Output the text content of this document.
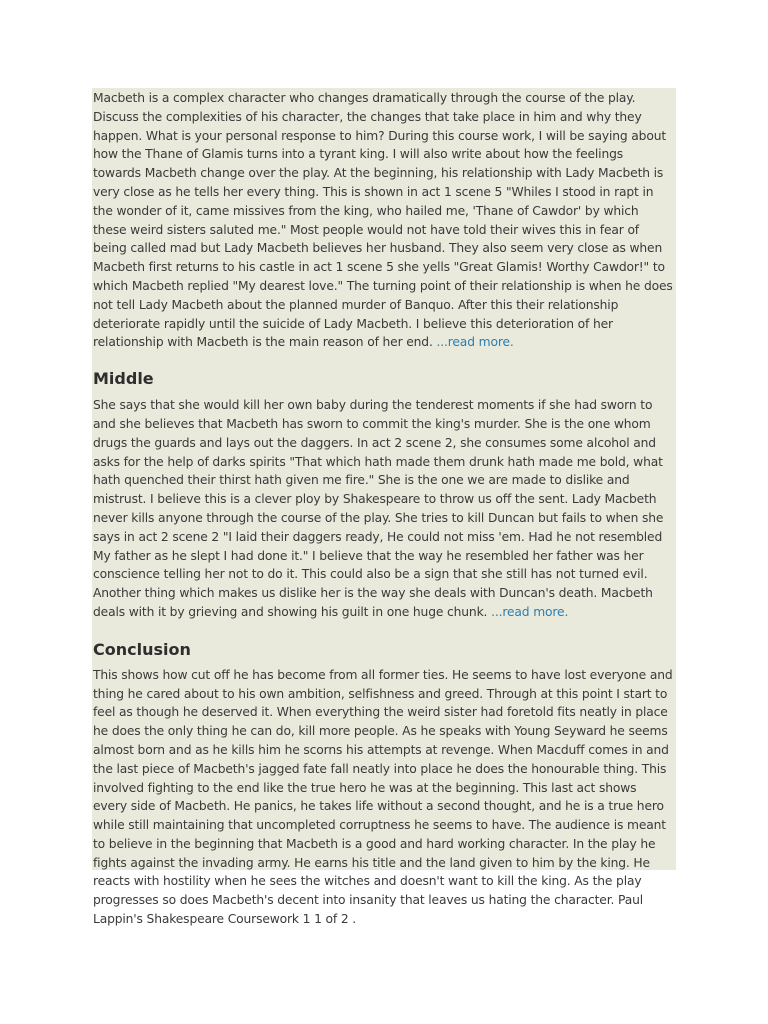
Macbeth is a complex character who changes dramatically through the course of the play. Discuss the complexities of his character, the changes that take place in him and why they happen. What is your personal response to him? During this course work, I will be saying about how the Thane of Glamis turns into a tyrant king. I will also write about how the feelings towards Macbeth change over the play. At the beginning, his relationship with Lady Macbeth is very close as he tells her every thing. This is shown in act 1 scene 5 "Whiles I stood in rapt in the wonder of it, came missives from the king, who hailed me, 'Thane of Cawdor' by which these weird sisters saluted me." Most people would not have told their wives this in fear of being called mad but Lady Macbeth believes her husband. They also seem very close as when Macbeth first returns to his castle in act 1 scene 5 she yells "Great Glamis! Worthy Cawdor!" to which Macbeth replied "My dearest love." The turning point of their relationship is when he does not tell Lady Macbeth about the planned murder of Banquo. After this their relationship deteriorate rapidly until the suicide of Lady Macbeth. I believe this deterioration of her relationship with Macbeth is the main reason of her end. ...read more.

Middle

She says that she would kill her own baby during the tenderest moments if she had sworn to and she believes that Macbeth has sworn to commit the king's murder. She is the one whom drugs the guards and lays out the daggers. In act 2 scene 2, she consumes some alcohol and asks for the help of darks spirits "That which hath made them drunk hath made me bold, what hath quenched their thirst hath given me fire." She is the one we are made to dislike and mistrust. I believe this is a clever ploy by Shakespeare to throw us off the sent. Lady Macbeth never kills anyone through the course of the play. She tries to kill Duncan but fails to when she says in act 2 scene 2 "I laid their daggers ready, He could not miss 'em. Had he not resembled My father as he slept I had done it." I believe that the way he resembled her father was her conscience telling her not to do it. This could also be a sign that she still has not turned evil. Another thing which makes us dislike her is the way she deals with Duncan's death. Macbeth deals with it by grieving and showing his guilt in one huge chunk. ...read more.

Conclusion

This shows how cut off he has become from all former ties. He seems to have lost everyone and thing he cared about to his own ambition, selfishness and greed. Through at this point I start to feel as though he deserved it. When everything the weird sister had foretold fits neatly in place he does the only thing he can do, kill more people. As he speaks with Young Seyward he seems almost born and as he kills him he scorns his attempts at revenge. When Macduff comes in and the last piece of Macbeth's jagged fate fall neatly into place he does the honourable thing. This involved fighting to the end like the true hero he was at the beginning. This last act shows every side of Macbeth. He panics, he takes life without a second thought, and he is a true hero while still maintaining that uncompleted corruptness he seems to have. The audience is meant to believe in the beginning that Macbeth is a good and hard working character. In the play he fights against the invading army. He earns his title and the land given to him by the king. He reacts with hostility when he sees the witches and doesn't want to kill the king. As the play progresses so does Macbeth's decent into insanity that leaves us hating the character. Paul Lappin's Shakespeare Coursework 1 1 of 2 .
